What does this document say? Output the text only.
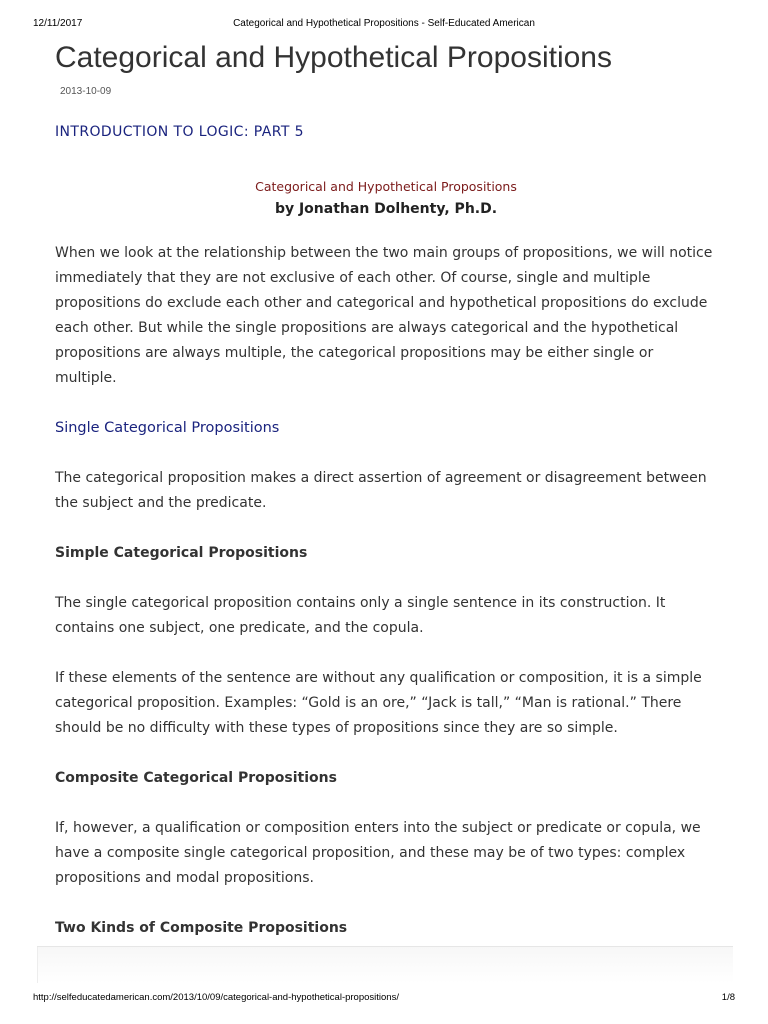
12/11/2017	Categorical and Hypothetical Propositions - Self-Educated American
Categorical and Hypothetical Propositions
2013-10-09
INTRODUCTION TO LOGIC: PART 5
Categorical and Hypothetical Propositions
by Jonathan Dolhenty, Ph.D.

When we look at the relationship between the two main groups of propositions, we will notice immediately that they are not exclusive of each other. Of course, single and multiple propositions do exclude each other and categorical and hypothetical propositions do exclude each other. But while the single propositions are always categorical and the hypothetical propositions are always multiple, the categorical propositions may be either single or multiple.

Single Categorical Propositions

The categorical proposition makes a direct assertion of agreement or disagreement between the subject and the predicate.

Simple Categorical Propositions

The single categorical proposition contains only a single sentence in its construction. It contains one subject, one predicate, and the copula.

If these elements of the sentence are without any qualification or composition, it is a simple categorical proposition. Examples: “Gold is an ore,” “Jack is tall,” “Man is rational.” There should be no difficulty with these types of propositions since they are so simple.

Composite Categorical Propositions

If, however, a qualification or composition enters into the subject or predicate or copula, we have a composite single categorical proposition, and these may be of two types: complex propositions and modal propositions.

Two Kinds of Composite Propositions
http://selfeducatedamerican.com/2013/10/09/categorical-and-hypothetical-propositions/	1/8
